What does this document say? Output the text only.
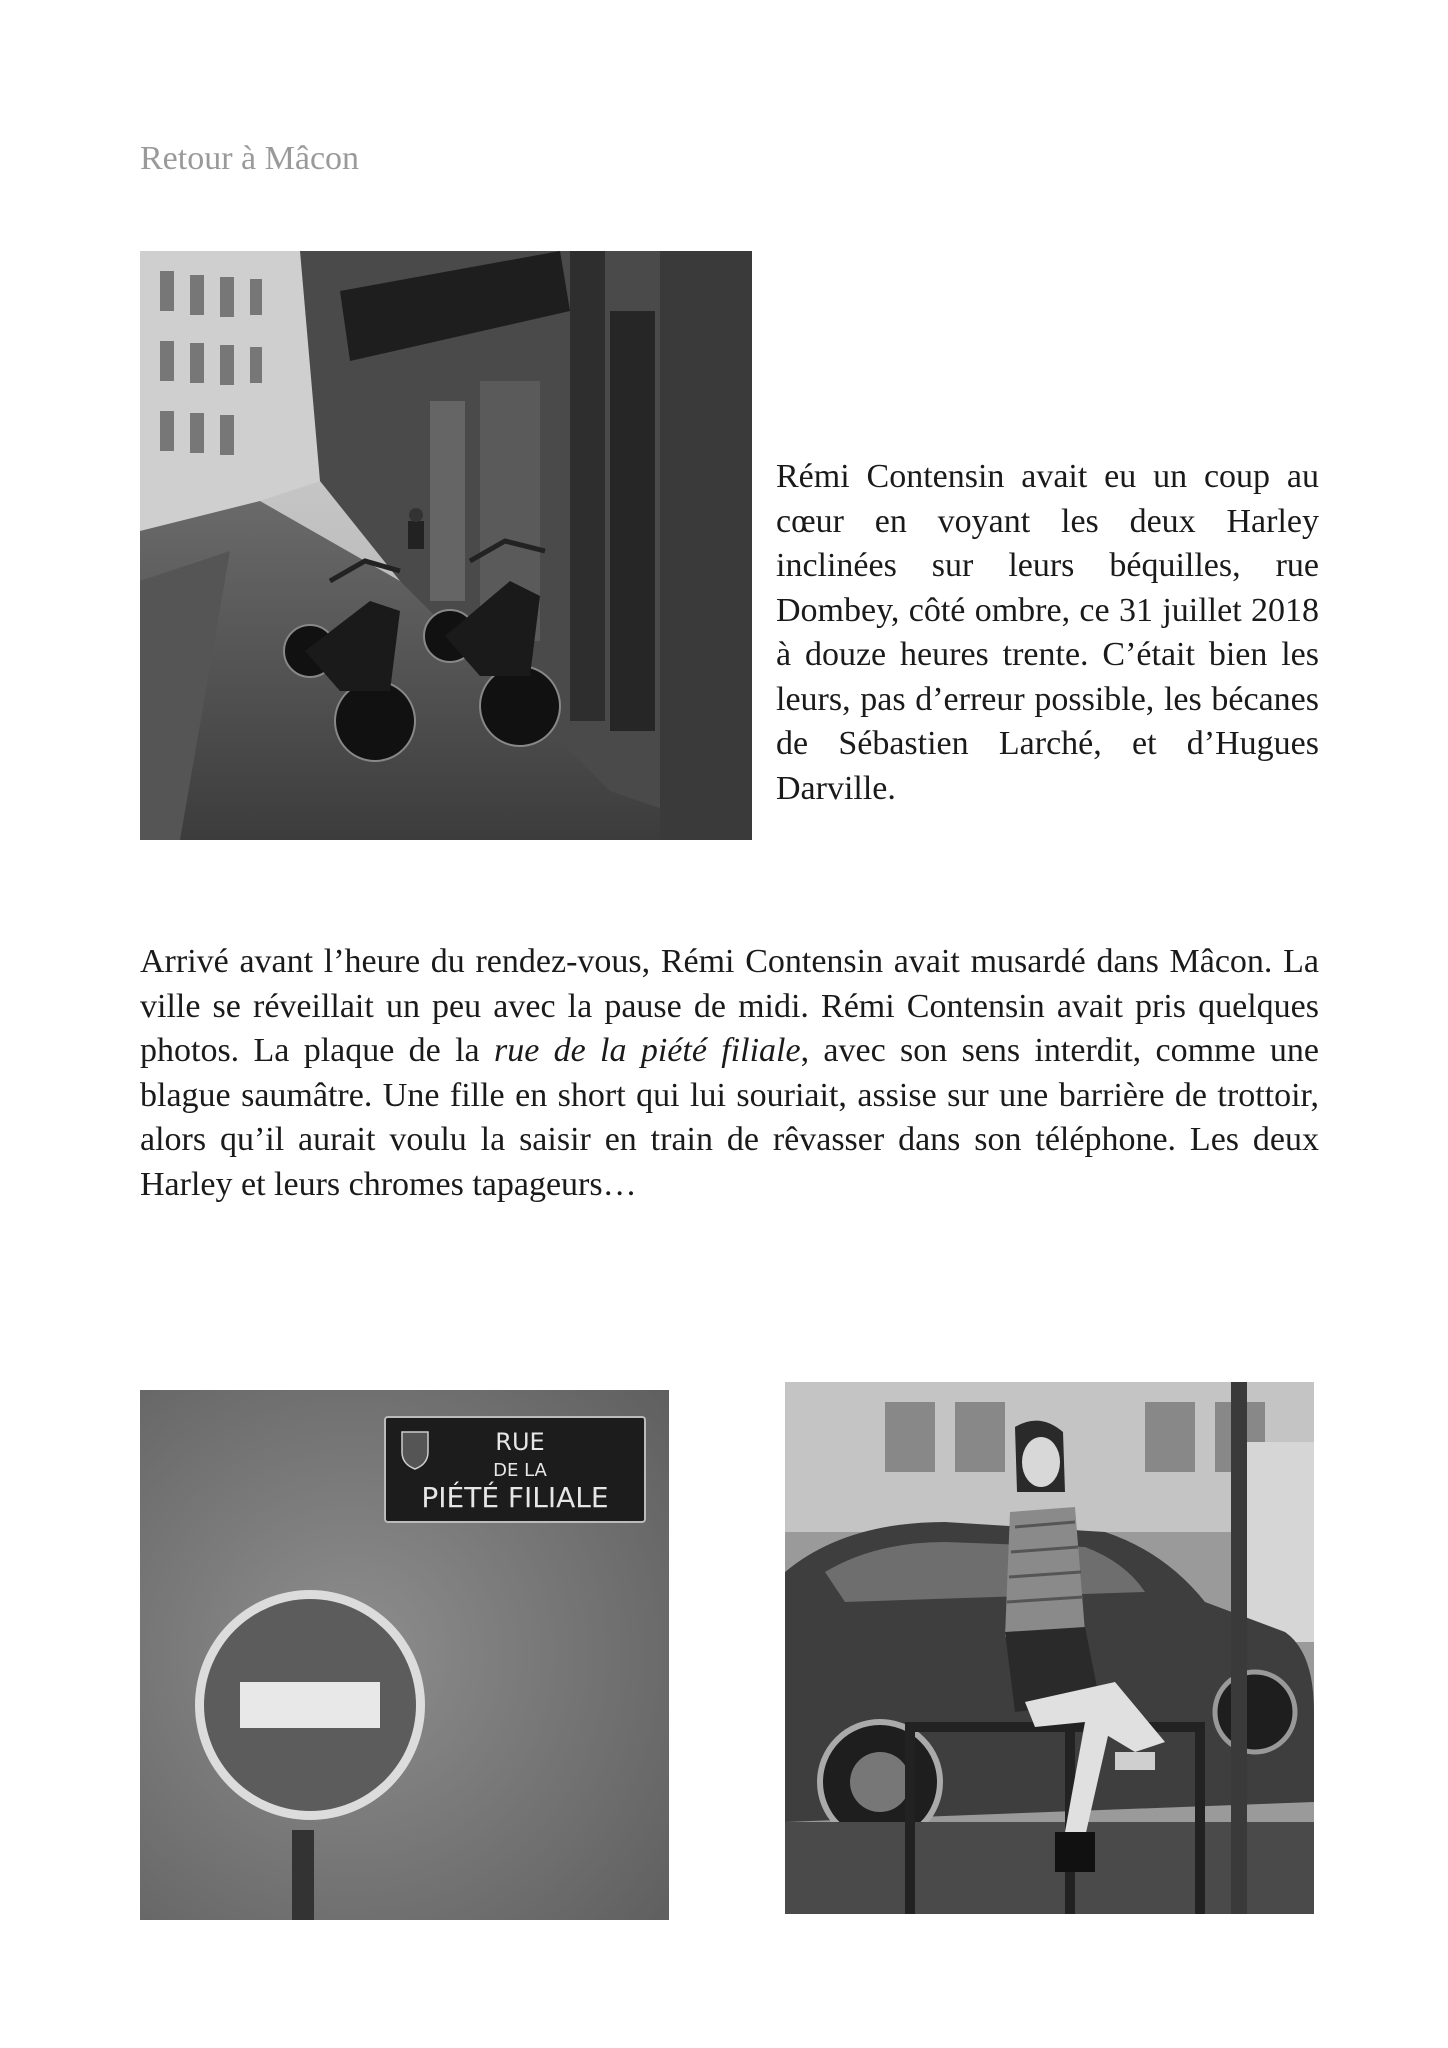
Retour à Mâcon

Rémi Contensin avait eu un coup au cœur en voyant les deux Harley inclinées sur leurs béquilles, rue Dombey, côté ombre, ce 31 juillet 2018 à douze heures trente. C’était bien les leurs, pas d’erreur possible, les bécanes de Sébastien Larché, et d’Hugues Darville.

Arrivé avant l’heure du rendez-vous, Rémi Contensin avait musardé dans Mâcon. La ville se réveillait un peu avec la pause de midi. Rémi Contensin avait pris quelques photos. La plaque de la rue de la piété filiale, avec son sens interdit, comme une blague saumâtre. Une fille en short qui lui souriait, assise sur une barrière de trottoir, alors qu’il aurait voulu la saisir en train de rêvasser dans son téléphone. Les deux Harley et leurs chromes tapageurs…

RUE
DE LA
PIÉTÉ FILIALE
